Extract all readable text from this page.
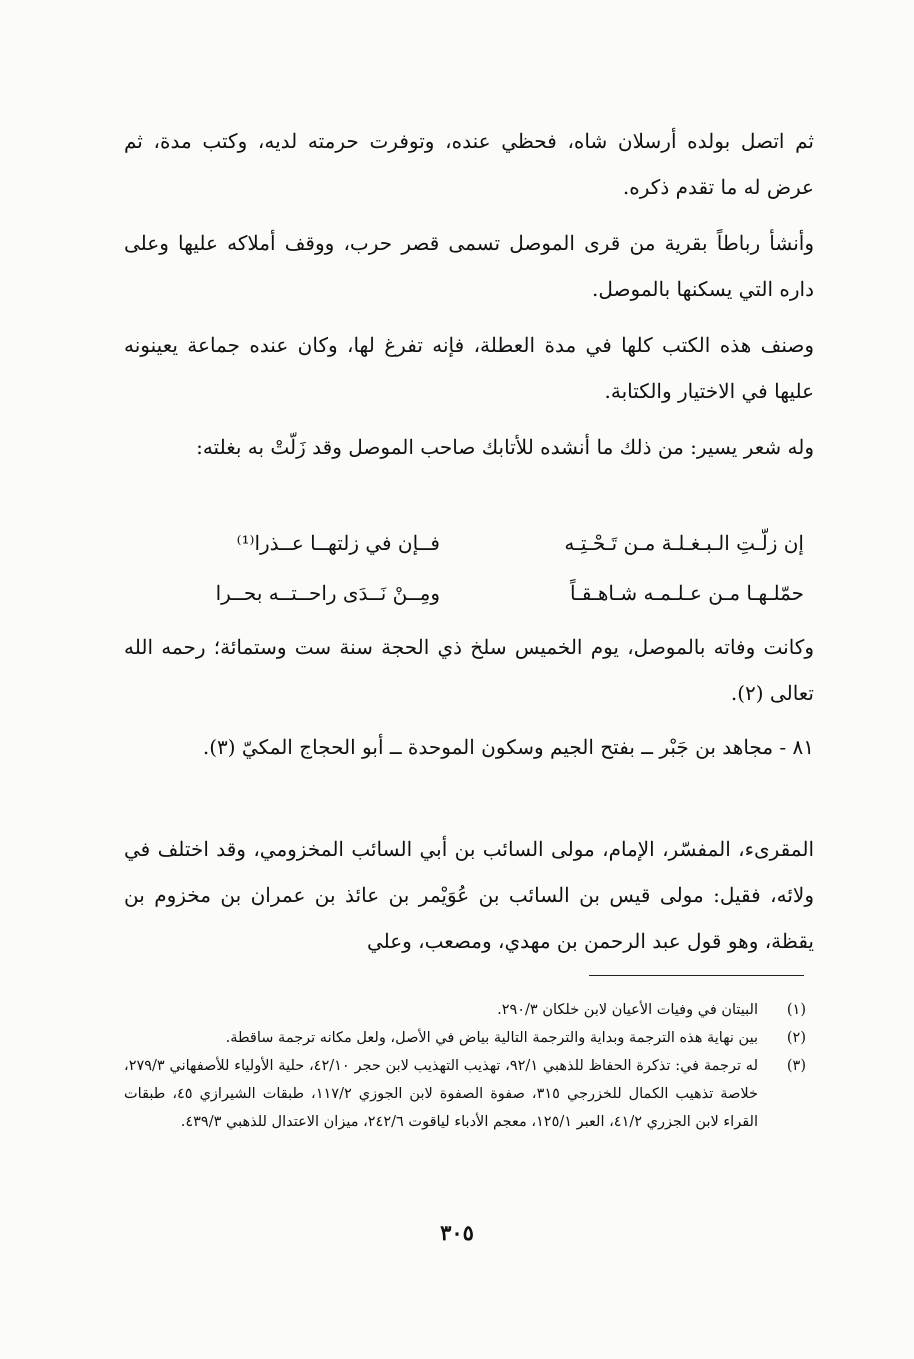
ثم اتصل بولده أرسلان شاه، فحظي عنده، وتوفرت حرمته لديه، وكتب مدة، ثم عرض له ما تقدم ذكره.

وأنشأ رباطاً بقرية من قرى الموصل تسمى قصر حرب، ووقف أملاكه عليها وعلى داره التي يسكنها بالموصل.

وصنف هذه الكتب كلها في مدة العطلة، فإنه تفرغ لها، وكان عنده جماعة يعينونه عليها في الاختيار والكتابة.

وله شعر يسير: من ذلك ما أنشده للأتابك صاحب الموصل وقد زَلّتْ به بغلته:

إن زلّـتِ الـبـغـلـة مـن تَـحْـتِـه
فــإن في زلتهــا عــذرا⁽¹⁾
حمّلـهـا مـن عـلـمـه شـاهـقـاً
ومِــنْ نَــدَى راحــتــه بحــرا

وكانت وفاته بالموصل، يوم الخميس سلخ ذي الحجة سنة ست وستمائة؛ رحمه الله تعالى (٢).

٨١ - مجاهد بن جَبْر ــ بفتح الجيم وسكون الموحدة ــ أبو الحجاج المكيّ (٣).

المقرىء، المفسّر، الإمام، مولى السائب بن أبي السائب المخزومي، وقد اختلف في ولائه، فقيل: مولى قيس بن السائب بن عُوَيْمر بن عائذ بن عمران بن مخزوم بن يقظة، وهو قول عبد الرحمن بن مهدي، ومصعب، وعلي

(١)
البيتان في وفيات الأعيان لابن خلكان ٢٩٠/٣.
(٢)
بين نهاية هذه الترجمة وبداية والترجمة التالية بياض في الأصل، ولعل مكانه ترجمة ساقطة.
(٣)
له ترجمة في: تذكرة الحفاظ للذهبي ٩٢/١، تهذيب التهذيب لابن حجر ٤٢/١٠، حلية الأولياء للأصفهاني ٢٧٩/٣، خلاصة تذهيب الكمال للخزرجي ٣١٥، صفوة الصفوة لابن الجوزي ١١٧/٢، طبقات الشيرازي ٤٥، طبقات القراء لابن الجزري ٤١/٢، العبر ١٢٥/١، معجم الأدباء لياقوت ٢٤٢/٦، ميزان الاعتدال للذهبي ٤٣٩/٣.
٣٠٥
